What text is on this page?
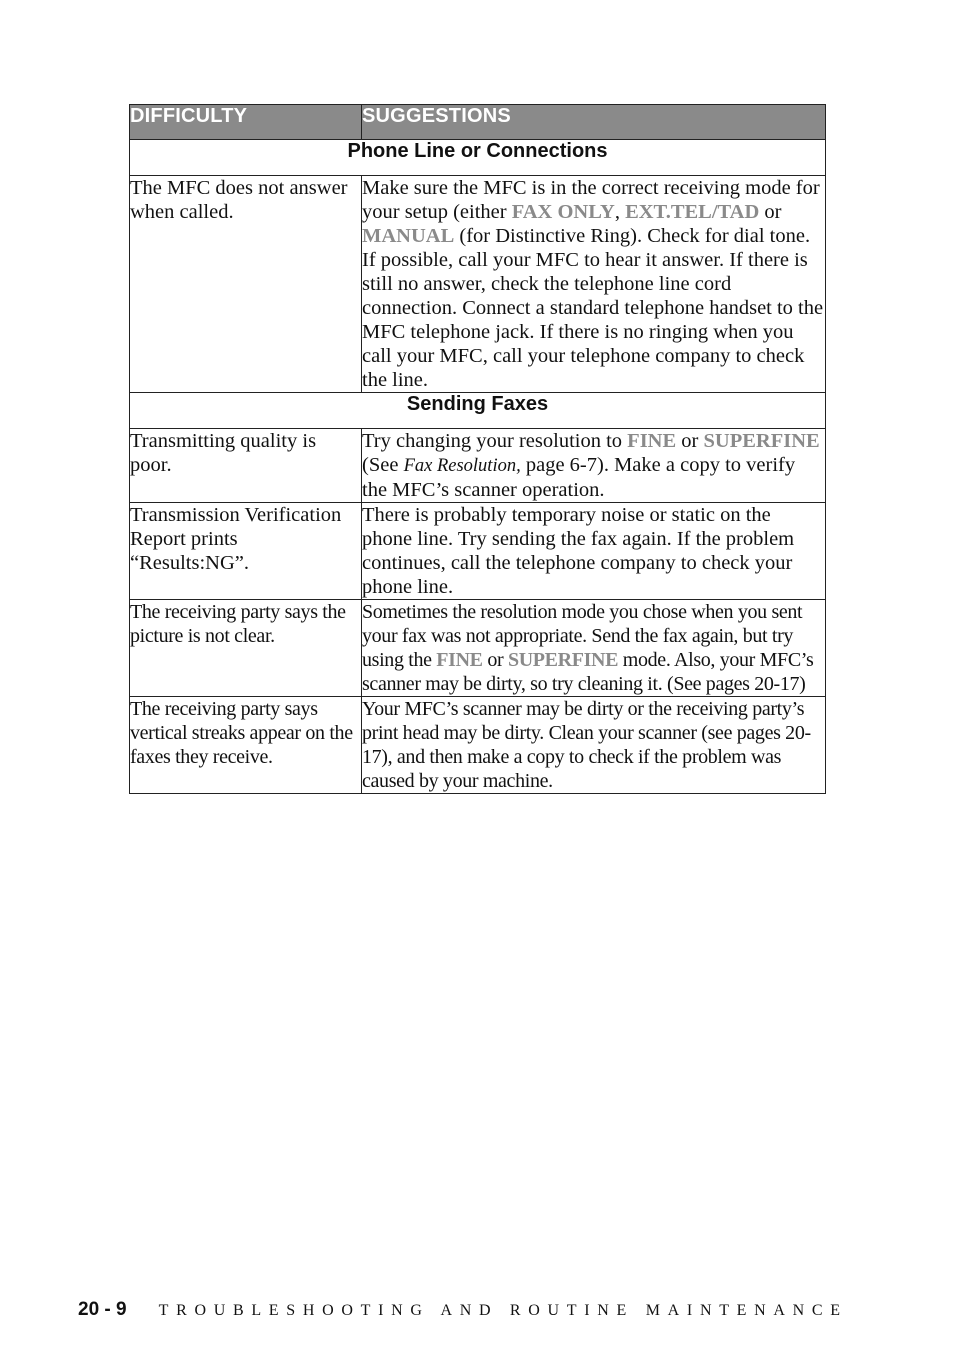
DIFFICULTY	SUGGESTIONS
Phone Line or Connections	
The MFC does not answer when called.	Make sure the MFC is in the correct receiving mode for your setup (either FAX ONLY, EXT.TEL/TAD or MANUAL (for Distinctive Ring). Check for dial tone. If possible, call your MFC to hear it answer. If there is still no answer, check the telephone line cord connection. Connect a standard telephone handset to the MFC telephone jack. If there is no ringing when you call your MFC, call your telephone company to check the line.
Sending Faxes	
Transmitting quality is poor.	Try changing your resolution to FINE or SUPERFINE (See Fax Resolution, page 6-7). Make a copy to verify the MFC’s scanner operation.
Transmission Verification Report prints “Results:NG”.	There is probably temporary noise or static on the phone line. Try sending the fax again. If the problem continues, call the telephone company to check your phone line.
The receiving party says the picture is not clear.	Sometimes the resolution mode you chose when you sent your fax was not appropriate. Send the fax again, but try using the FINE or SUPERFINE mode. Also, your MFC’s scanner may be dirty, so try cleaning it. (See pages 20-17)
The receiving party says vertical streaks appear on the faxes they receive.	Your MFC’s scanner may be dirty or the receiving party’s print head may be dirty. Clean your scanner (see pages 20-17), and then make a copy to check if the problem was caused by your machine.
20 - 9 TROUBLESHOOTING AND ROUTINE MAINTENANCE
